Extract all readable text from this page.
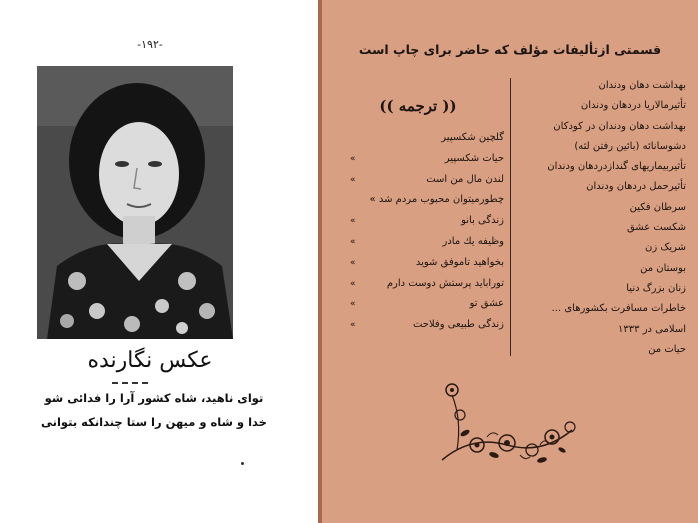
-۱۹۲-
عکس نگارنده
توای ناهید، شاه کشور آرا را فدائی شو
خدا و شاه و میهن را ستا چندانکه بتوانی
قسمتی ازتألیفات مؤلف که حاضر برای چاپ است
بهداشت دهان ودندان
تأثیرمالاریا دردهان ودندان
بهداشت دهان ودندان در کودکان
دشوسانائه (بائین رفتن لثه)
تأثیربیماریهای گندازدردهان ودندان
تأثیرحمل دردهان ودندان
سرطان فکین
شکست عشق
شریک زن
بوستان من
زنان بزرگ دنیا
خاطرات مسافرت بکشورهای ...
اسلامی در ۱۳۳۳
حیات من
(( ترجمه ))
گلچین شکسپیر
حیات شکسپیر
»
لندن مال من است
»
چطورمیتوان محبوب مردم شد »
زندگی بانو
»
وظیفه یك مادر
»
بخواهید تاموفق شوید
»
توراباید پرستش دوست دارم
»
عشق تو
»
زندگی طبیعی وفلاحت
»
